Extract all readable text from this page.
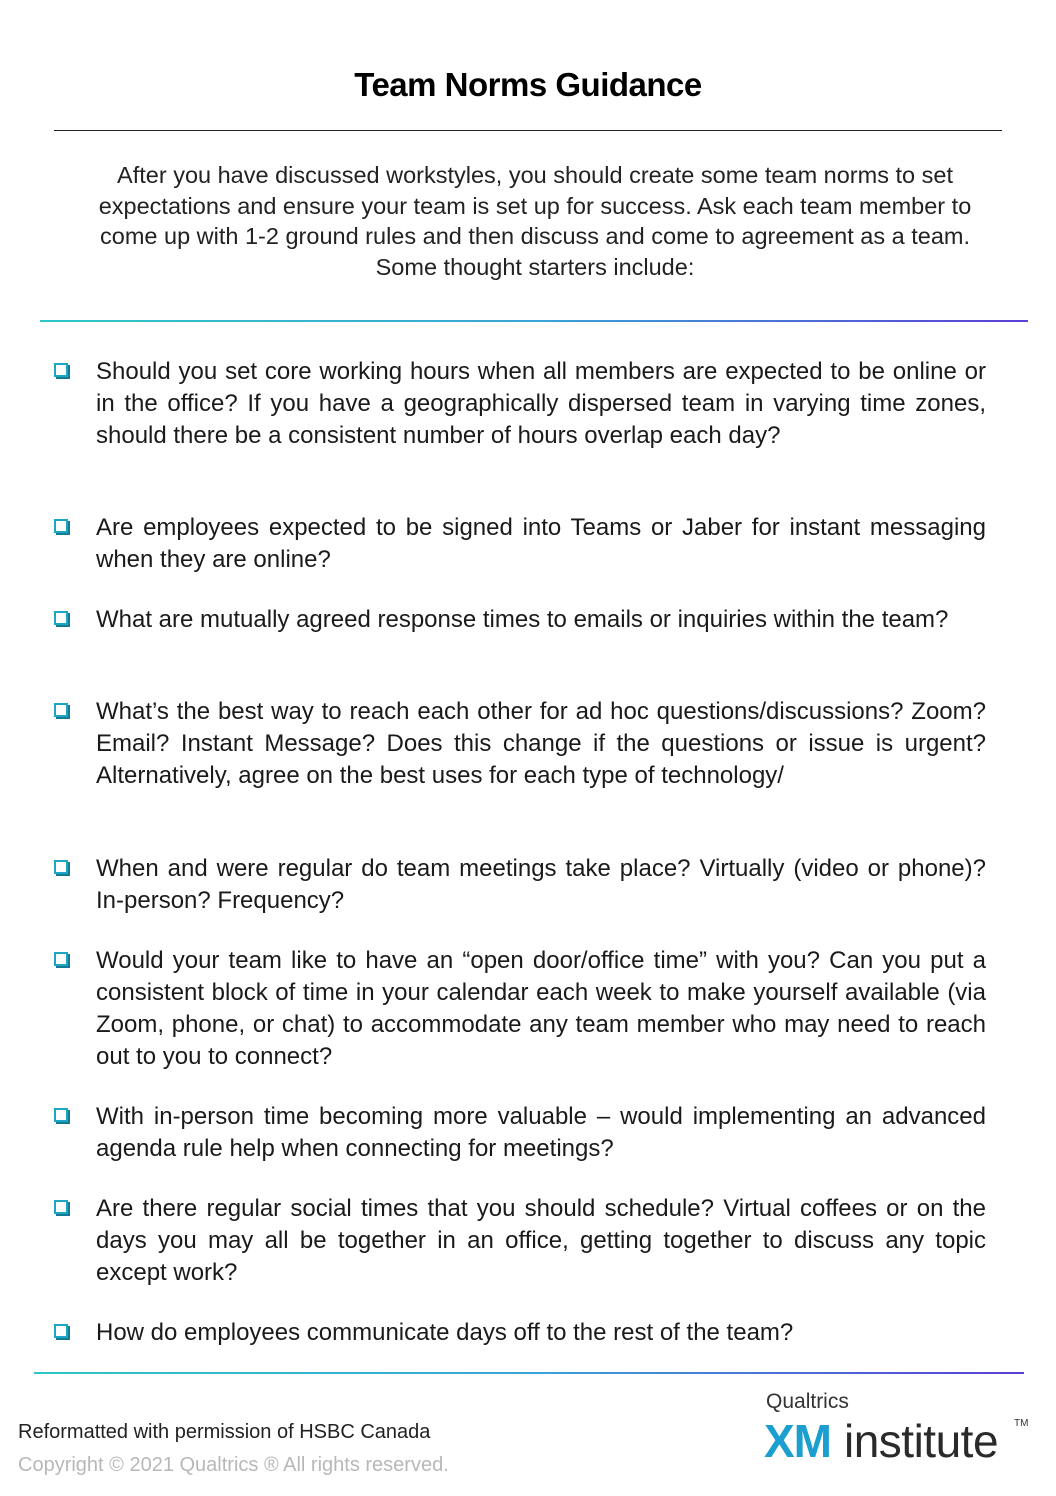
Team Norms Guidance
After you have discussed workstyles, you should create some team norms to set expectations and ensure your team is set up for success. Ask each team member to come up with 1-2 ground rules and then discuss and come to agreement as a team. Some thought starters include:
Should you set core working hours when all members are expected to be online or in the office? If you have a geographically dispersed team in varying time zones, should there be a consistent number of hours overlap each day?
Are employees expected to be signed into Teams or Jaber for instant messaging when they are online?
What are mutually agreed response times to emails or inquiries within the team?
What’s the best way to reach each other for ad hoc questions/discussions? Zoom? Email? Instant Message? Does this change if the questions or issue is urgent? Alternatively, agree on the best uses for each type of technology/
When and were regular do team meetings take place? Virtually (video or phone)? In-person? Frequency?
Would your team like to have an “open door/office time” with you? Can you put a consistent block of time in your calendar each week to make yourself available (via Zoom, phone, or chat) to accommodate any team member who may need to reach out to you to connect?
With in-person time becoming more valuable – would implementing an advanced agenda rule help when connecting for meetings?
Are there regular social times that you should schedule? Virtual coffees or on the days you may all be together in an office, getting together to discuss any topic except work?
How do employees communicate days off to the rest of the team?
Reformatted with permission of HSBC Canada
Copyright © 2021 Qualtrics ® All rights reserved.
Qualtrics
XM institute TM
